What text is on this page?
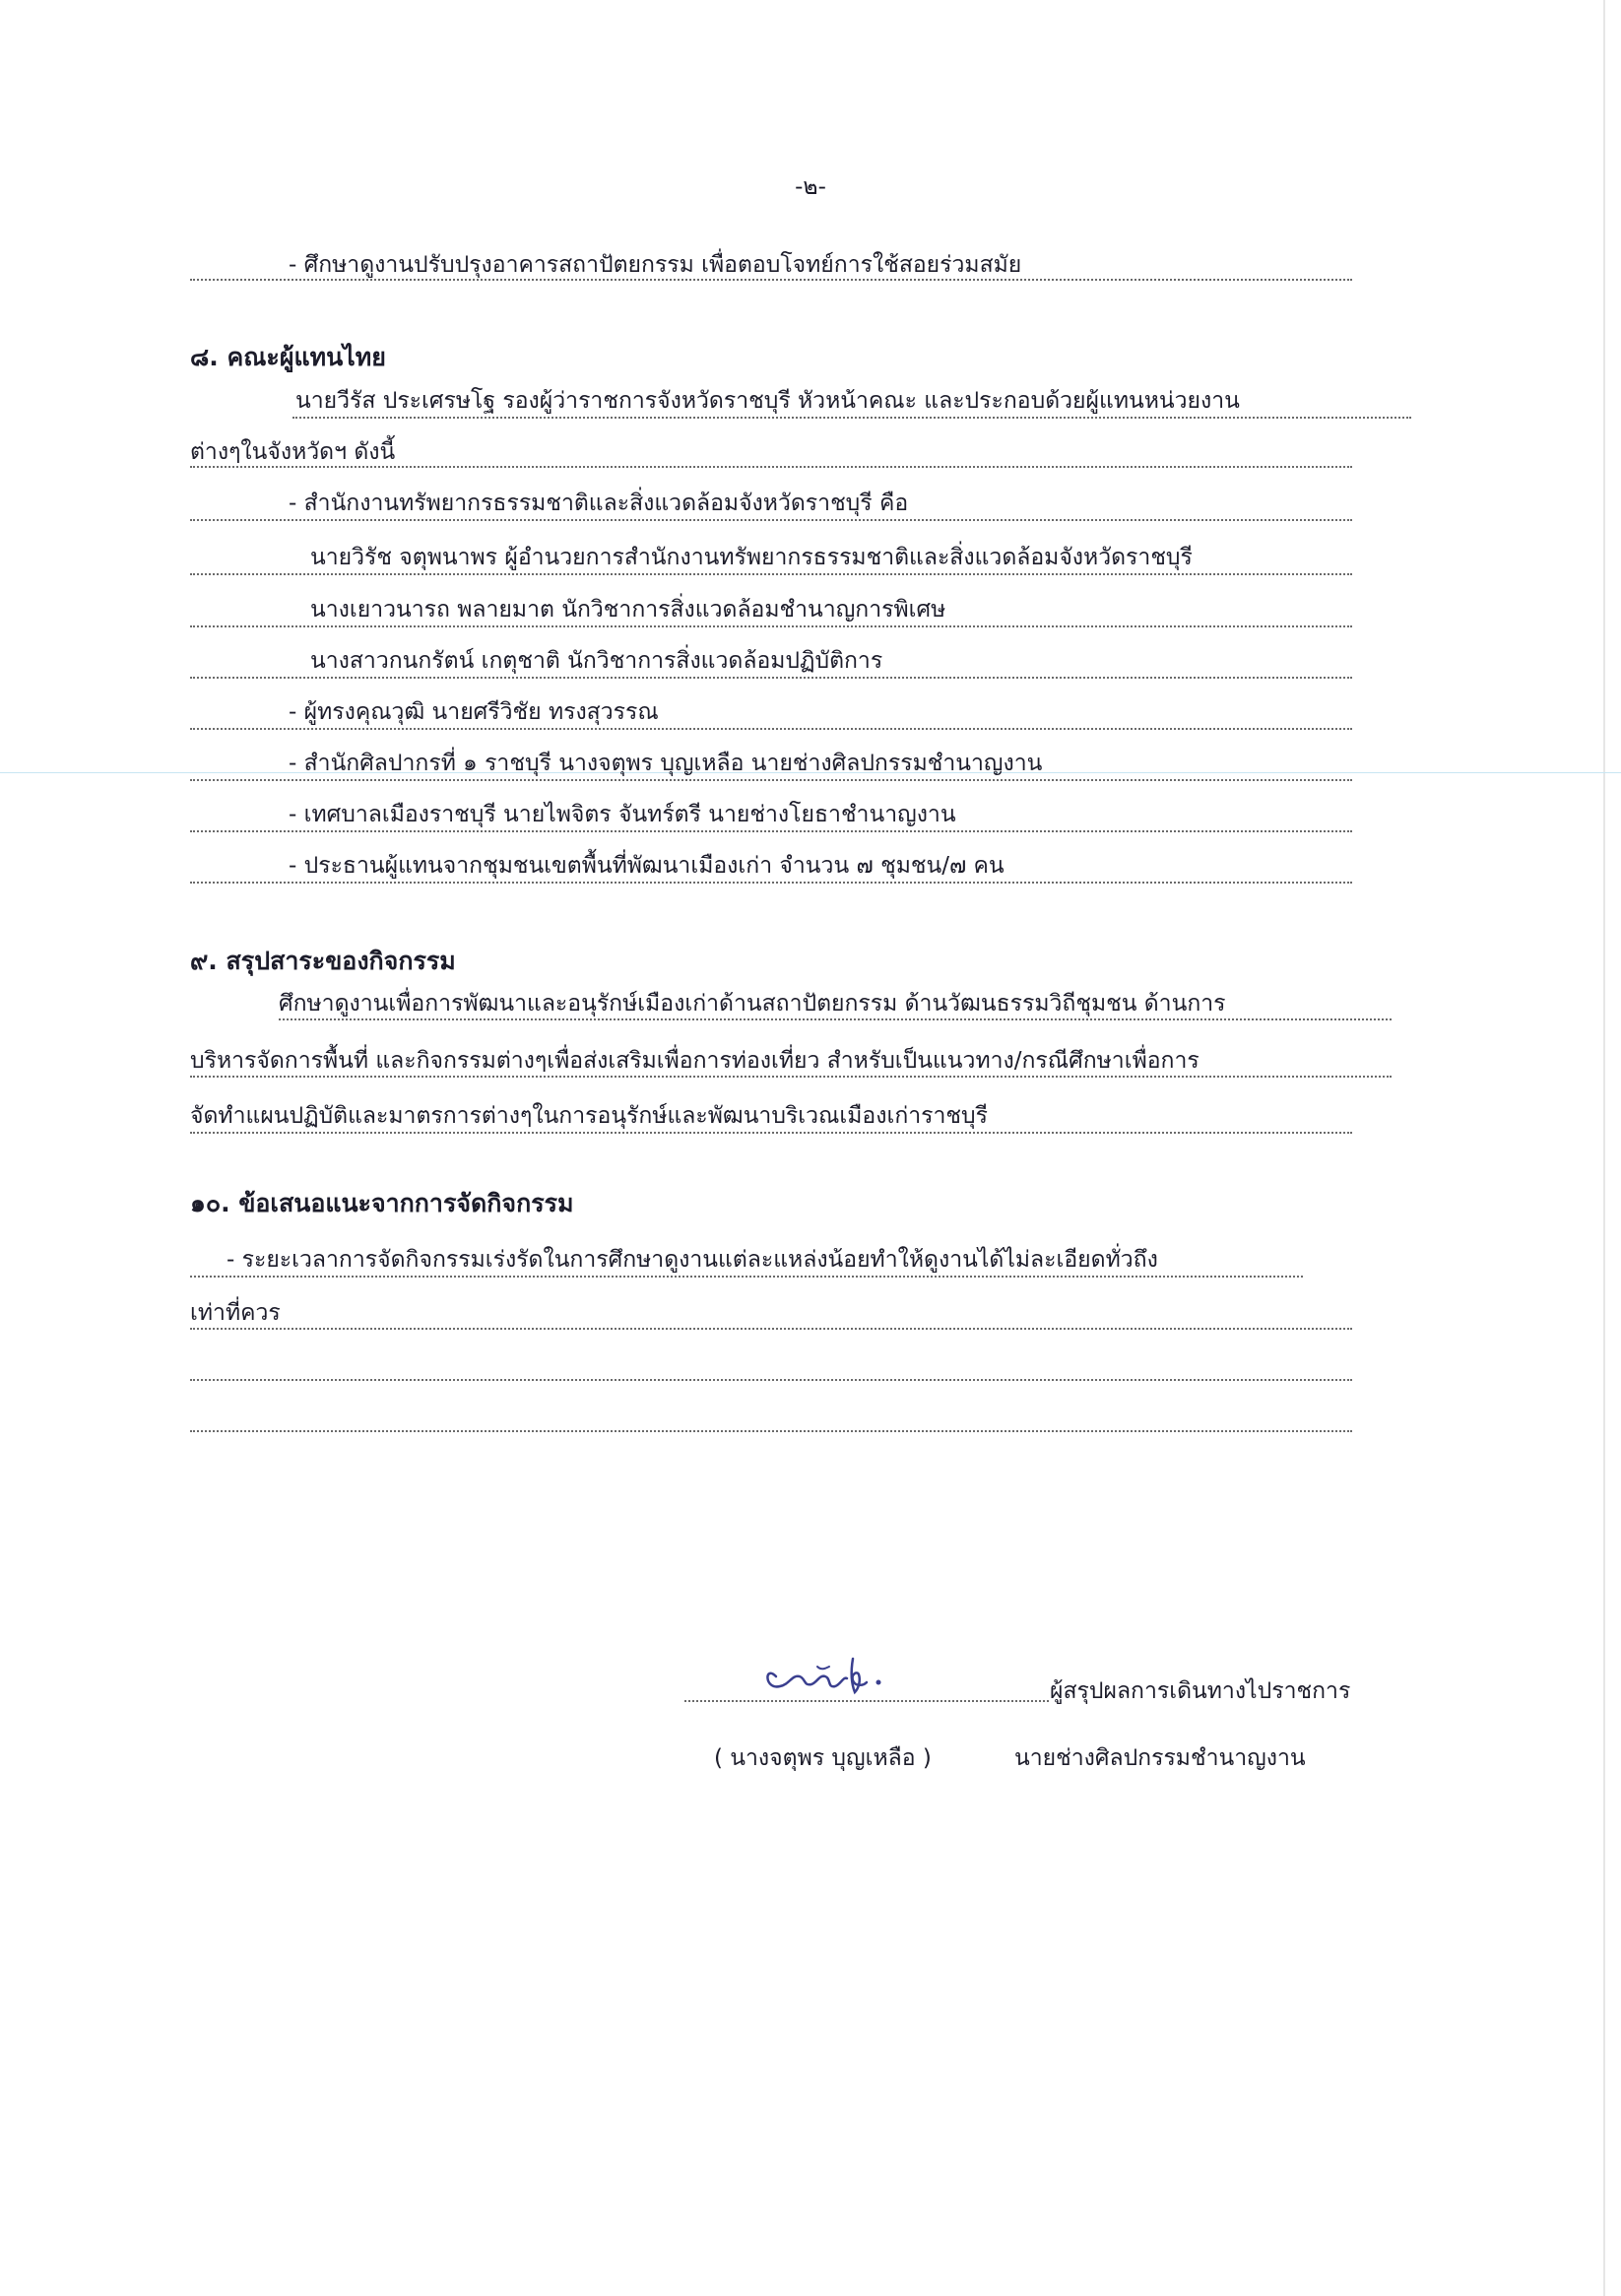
-๒-
- ศึกษาดูงานปรับปรุงอาคารสถาปัตยกรรม เพื่อตอบโจทย์การใช้สอยร่วมสมัย
๘. คณะผู้แทนไทย
นายวีรัส ประเศรษโฐ รองผู้ว่าราชการจังหวัดราชบุรี หัวหน้าคณะ และประกอบด้วยผู้แทนหน่วยงาน
ต่างๆในจังหวัดฯ ดังนี้
- สำนักงานทรัพยากรธรรมชาติและสิ่งแวดล้อมจังหวัดราชบุรี คือ
นายวิรัช จตุพนาพร ผู้อำนวยการสำนักงานทรัพยากรธรรมชาติและสิ่งแวดล้อมจังหวัดราชบุรี
นางเยาวนารถ พลายมาต นักวิชาการสิ่งแวดล้อมชำนาญการพิเศษ
นางสาวกนกรัตน์ เกตุชาติ นักวิชาการสิ่งแวดล้อมปฏิบัติการ
- ผู้ทรงคุณวุฒิ นายศรีวิชัย ทรงสุวรรณ
- สำนักศิลปากรที่ ๑ ราชบุรี นางจตุพร บุญเหลือ นายช่างศิลปกรรมชำนาญงาน
- เทศบาลเมืองราชบุรี นายไพจิตร จันทร์ตรี นายช่างโยธาชำนาญงาน
- ประธานผู้แทนจากชุมชนเขตพื้นที่พัฒนาเมืองเก่า จำนวน ๗ ชุมชน/๗ คน
๙. สรุปสาระของกิจกรรม
ศึกษาดูงานเพื่อการพัฒนาและอนุรักษ์เมืองเก่าด้านสถาปัตยกรรม ด้านวัฒนธรรมวิถีชุมชน ด้านการ
บริหารจัดการพื้นที่ และกิจกรรมต่างๆเพื่อส่งเสริมเพื่อการท่องเที่ยว สำหรับเป็นแนวทาง/กรณีศึกษาเพื่อการ
จัดทำแผนปฏิบัติและมาตรการต่างๆในการอนุรักษ์และพัฒนาบริเวณเมืองเก่าราชบุรี
๑๐. ข้อเสนอแนะจากการจัดกิจกรรม
- ระยะเวลาการจัดกิจกรรมเร่งรัดในการศึกษาดูงานแต่ละแหล่งน้อยทำให้ดูงานได้ไม่ละเอียดทั่วถึง
เท่าที่ควร
ผู้สรุปผลการเดินทางไปราชการ
( นางจตุพร บุญเหลือ )	นายช่างศิลปกรรมชำนาญงาน
